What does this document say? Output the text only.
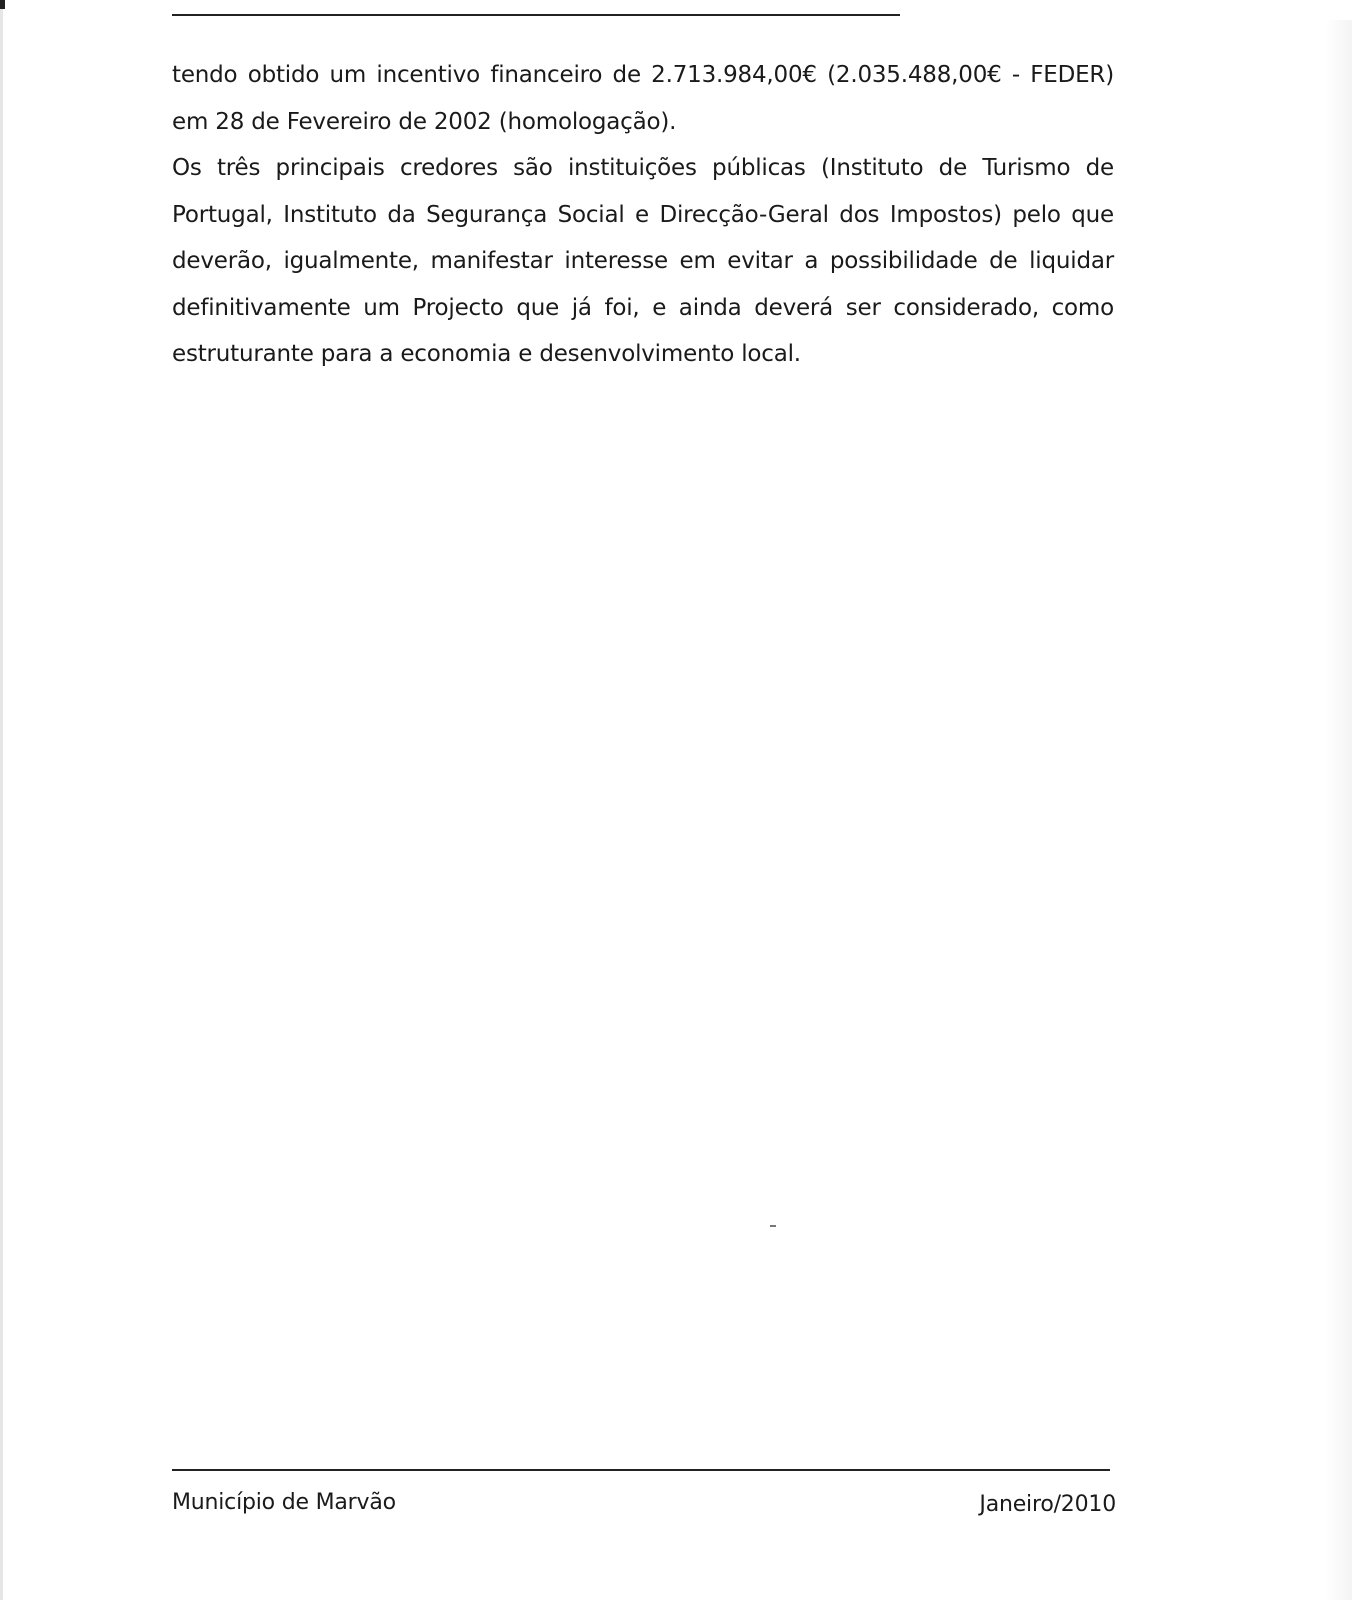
tendo obtido um incentivo financeiro de 2.713.984,00€ (2.035.488,00€ - FEDER) em 28 de Fevereiro de 2002 (homologação).

Os três principais credores são instituições públicas (Instituto de Turismo de Portugal, Instituto da Segurança Social e Direcção-Geral dos Impostos) pelo que deverão, igualmente, manifestar interesse em evitar a possibilidade de liquidar definitivamente um Projecto que já foi, e ainda deverá ser considerado, como estruturante para a economia e desenvolvimento local.

Município de Marvão	Janeiro/2010
